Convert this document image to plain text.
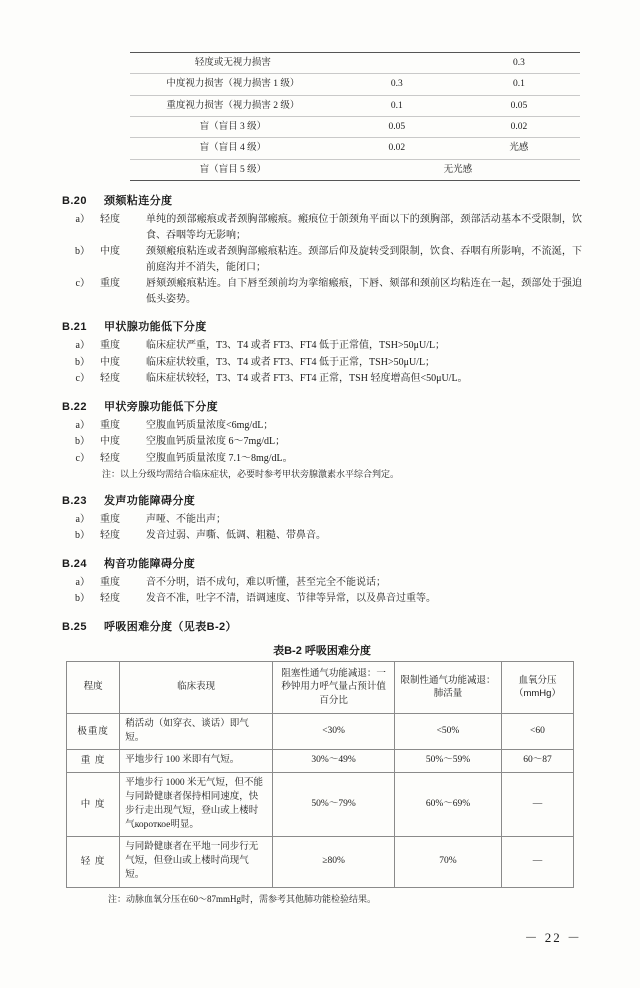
轻度或无视力损害		0.3
中度视力损害（视力损害 1 级）	0.3	0.1
重度视力损害（视力损害 2 级）	0.1	0.05
盲（盲目 3 级）	0.05	0.02
盲（盲目 4 级）	0.02	光感
盲（盲目 5 级）	无光感	
B.20 颈颏粘连分度
a）	轻度	单纯的颈部瘢痕或者颈胸部瘢痕。瘢痕位于颌颈角平面以下的颈胸部，颈部活动基本不受限制，饮食、吞咽等均无影响；
b）	中度	颈颏瘢痕粘连或者颈胸部瘢痕粘连。颈部后仰及旋转受到限制，饮食、吞咽有所影响，不流涎，下前庭沟并不消失，能闭口；
c）	重度	唇颏颈瘢痕粘连。自下唇至颈前均为挛缩瘢痕，下唇、颏部和颈前区均粘连在一起，颈部处于强迫低头姿势。
B.21 甲状腺功能低下分度
a）	重度	临床症状严重，T3、T4 或者 FT3、FT4 低于正常值，TSH>50μU/L；
b）	中度	临床症状较重，T3、T4 或者 FT3、FT4 低于正常，TSH>50μU/L；
c）	轻度	临床症状较轻，T3、T4 或者 FT3、FT4 正常，TSH 轻度增高但<50μU/L。
B.22 甲状旁腺功能低下分度
a）	重度	空腹血钙质量浓度<6mg/dL；
b）	中度	空腹血钙质量浓度 6～7mg/dL；
c）	轻度	空腹血钙质量浓度 7.1～8mg/dL。
注：以上分级均需结合临床症状，必要时参考甲状旁腺激素水平综合判定。
B.23 发声功能障碍分度
a）	重度	声哑、不能出声；
b）	轻度	发音过弱、声嘶、低调、粗糙、带鼻音。
B.24 构音功能障碍分度
a）	重度	音不分明，语不成句，难以听懂，甚至完全不能说话；
b）	轻度	发音不准，吐字不清，语调速度、节律等异常，以及鼻音过重等。
B.25 呼吸困难分度（见表B-2）
表B-2 呼吸困难分度
程度	临床表现	阻塞性通气功能减退：一秒钟用力呼气量占预计值百分比	限制性通气功能减退：肺活量	血氧分压（mmHg）
极重度	稍活动（如穿衣、谈话）即气短。	<30%	<50%	<60
重 度	平地步行 100 米即有气短。	30%～49%	50%～59%	60～87
中 度	平地步行 1000 米无气短，但不能与同龄健康者保持相同速度，快步行走出现气短，登山或上楼时气короткое明显。	50%～79%	60%～69%	—
轻 度	与同龄健康者在平地一同步行无气短，但登山或上楼时尚现气短。	≥80%	70%	—
注：动脉血氧分压在60～87mmHg时，需参考其他肺功能检验结果。
－ 22 －
